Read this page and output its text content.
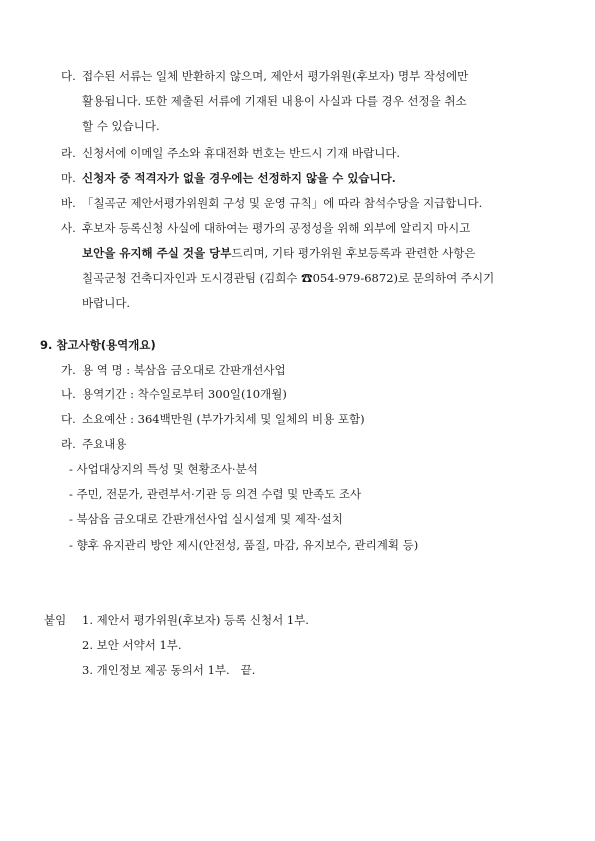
다. 접수된 서류는 일체 반환하지 않으며, 제안서 평가위원(후보자) 명부 작성에만
활용됩니다. 또한 제출된 서류에 기재된 내용이 사실과 다를 경우 선정을 취소
할 수 있습니다.
라. 신청서에 이메일 주소와 휴대전화 번호는 반드시 기재 바랍니다.
마. 신청자 중 적격자가 없을 경우에는 선정하지 않을 수 있습니다.
바. 「칠곡군 제안서평가위원회 구성 및 운영 규칙」에 따라 참석수당을 지급합니다.
사. 후보자 등록신청 사실에 대하여는 평가의 공정성을 위해 외부에 알리지 마시고
보안을 유지해 주실 것을 당부드리며, 기타 평가위원 후보등록과 관련한 사항은
칠곡군청 건축디자인과 도시경관팀 (김희수 ☎054-979-6872)로 문의하여 주시기
바랍니다.
9. 참고사항(용역개요)
가. 용 역 명 : 북삼읍 금오대로 간판개선사업
나. 용역기간 : 착수일로부터 300일(10개월)
다. 소요예산 : 364백만원 (부가가치세 및 일체의 비용 포함)
라. 주요내용
- 사업대상지의 특성 및 현황조사·분석
- 주민, 전문가, 관련부서·기관 등 의견 수렴 및 만족도 조사
- 북삼읍 금오대로 간판개선사업 실시설계 및 제작·설치
- 향후 유지관리 방안 제시(안전성, 품질, 마감, 유지보수, 관리계획 등)
붙임 1. 제안서 평가위원(후보자) 등록 신청서 1부.
2. 보안 서약서 1부.
3. 개인정보 제공 동의서 1부.   끝.
